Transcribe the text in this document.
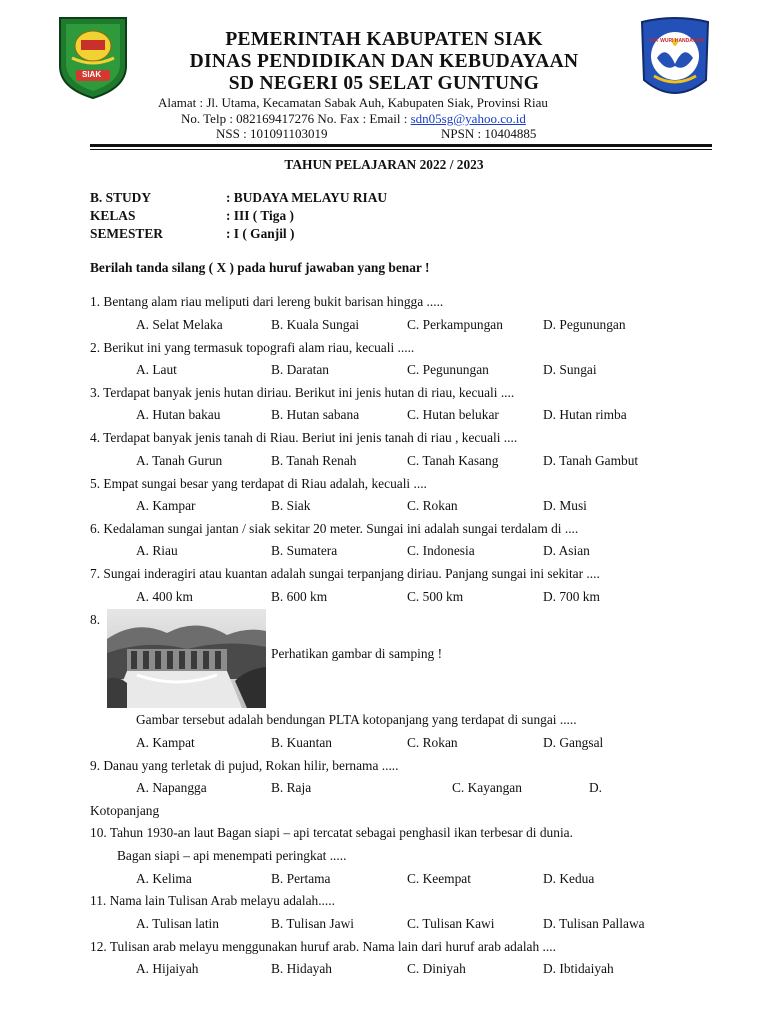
SIAK
TUT WURI HANDAYANI
PEMERINTAH KABUPATEN SIAK
DINAS PENDIDIKAN DAN KEBUDAYAAN
SD NEGERI 05 SELAT GUNTUNG
Alamat : Jl. Utama, Kecamatan Sabak Auh, Kabupaten Siak, Provinsi Riau
No. Telp : 082169417276 No. Fax : Email : sdn05sg@yahoo.co.id
NSS : 101091103019	NPSN : 10404885
TAHUN PELAJARAN 2022 / 2023
B. STUDY	: BUDAYA MELAYU RIAU
KELAS	: III ( Tiga )
SEMESTER	: I ( Ganjil )
Berilah tanda silang ( X ) pada huruf jawaban yang benar !
1. Bentang alam riau meliputi dari lereng bukit barisan hingga .....
A. Selat Melaka	B. Kuala Sungai	C. Perkampungan	D. Pegunungan
2. Berikut ini yang termasuk topografi alam riau, kecuali .....
A. Laut	B. Daratan	C. Pegunungan	D. Sungai
3. Terdapat banyak jenis hutan diriau. Berikut ini jenis hutan di riau, kecuali ....
A. Hutan bakau	B. Hutan sabana	C. Hutan belukar	D. Hutan rimba
4. Terdapat banyak jenis tanah di Riau. Beriut ini jenis tanah di riau , kecuali ....
A. Tanah Gurun	B. Tanah Renah	C. Tanah Kasang	D. Tanah Gambut
5. Empat sungai besar yang terdapat di Riau adalah, kecuali ....
A. Kampar	B. Siak	C. Rokan	D. Musi
6. Kedalaman sungai jantan / siak sekitar 20 meter. Sungai ini adalah sungai terdalam di ....
A. Riau	B. Sumatera	C. Indonesia	D. Asian
7. Sungai inderagiri atau kuantan adalah sungai terpanjang diriau. Panjang sungai ini sekitar ....
A. 400 km	B. 600 km	C. 500 km	D. 700 km
8.
Perhatikan gambar di samping !
Gambar tersebut adalah bendungan PLTA kotopanjang yang terdapat di sungai .....
A. Kampat	B. Kuantan	C. Rokan	D. Gangsal
9. Danau yang terletak di pujud, Rokan hilir, bernama .....
A. Napangga	B. Raja	C. Kayangan	D.
Kotopanjang
10. Tahun 1930-an laut Bagan siapi – api tercatat sebagai penghasil ikan terbesar di dunia.
Bagan siapi – api menempati peringkat .....
A. Kelima	B. Pertama	C. Keempat	D. Kedua
11. Nama lain Tulisan Arab melayu adalah.....
A. Tulisan latin	B. Tulisan Jawi	C. Tulisan Kawi	D. Tulisan Pallawa
12. Tulisan arab melayu menggunakan huruf arab. Nama lain dari huruf arab adalah ....
A. Hijaiyah	B. Hidayah	C. Diniyah	D. Ibtidaiyah
